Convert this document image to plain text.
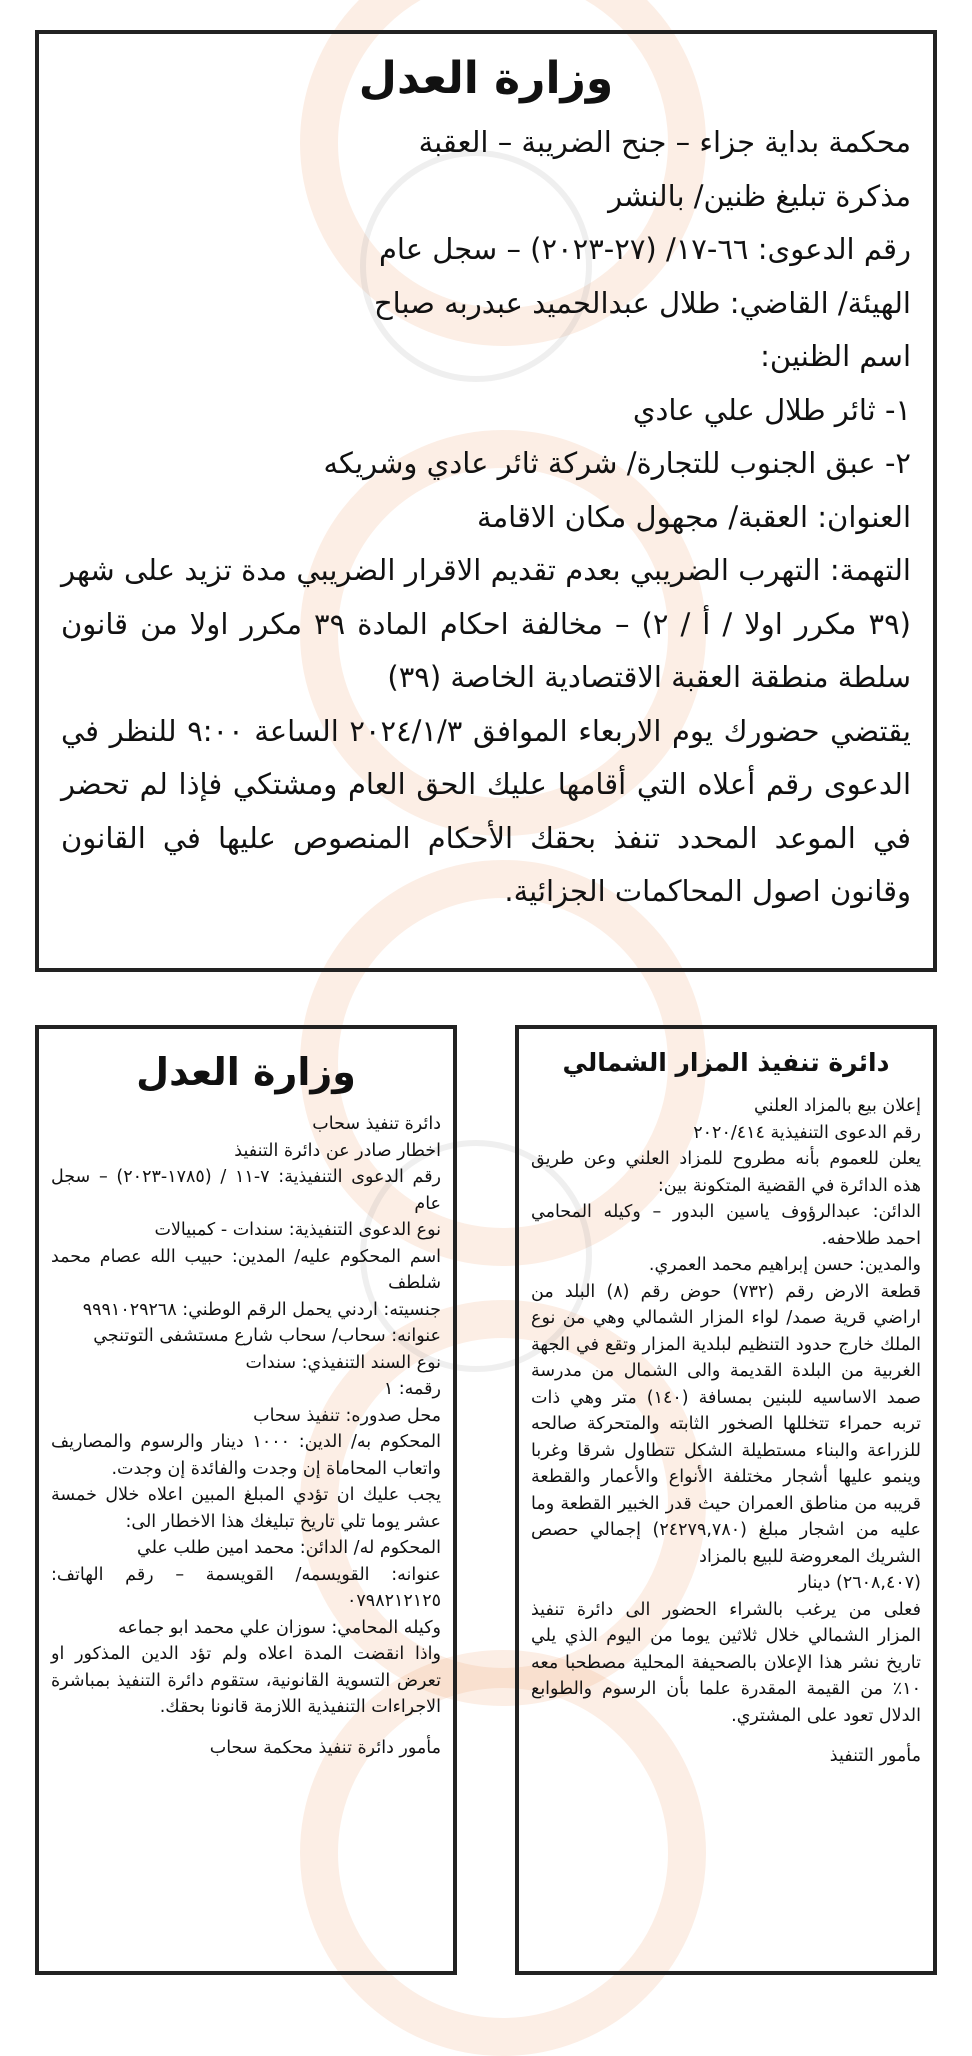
وزارة العدل

محكمة بداية جزاء – جنح الضريبة – العقبة

مذكرة تبليغ ظنين/ بالنشر

رقم الدعوى: ٦٦-١٧/ (٢٧-٢٠٢٣) – سجل عام

الهيئة/ القاضي: طلال عبدالحميد عبدربه صباح

اسم الظنين:

١- ثائر طلال علي عادي

٢- عبق الجنوب للتجارة/ شركة ثائر عادي وشريكه

العنوان: العقبة/ مجهول مكان الاقامة

التهمة: التهرب الضريبي بعدم تقديم الاقرار الضريبي مدة تزيد على شهر (٣٩ مكرر اولا / أ / ٢) – مخالفة احكام المادة ٣٩ مكرر اولا من قانون سلطة منطقة العقبة الاقتصادية الخاصة (٣٩)

يقتضي حضورك يوم الاربعاء الموافق ٢٠٢٤/١/٣ الساعة ٩:٠٠ للنظر في الدعوى رقم أعلاه التي أقامها عليك الحق العام ومشتكي فإذا لم تحضر في الموعد المحدد تنفذ بحقك الأحكام المنصوص عليها في القانون وقانون اصول المحاكمات الجزائية.

وزارة العدل

دائرة تنفيذ سحاب

اخطار صادر عن دائرة التنفيذ

رقم الدعوى التنفيذية: ٧-١١ / (١٧٨٥-٢٠٢٣) – سجل عام

نوع الدعوى التنفيذية: سندات - كمبيالات

اسم المحكوم عليه/ المدين: حبيب الله عصام محمد شلطف

جنسيته: اردني يحمل الرقم الوطني: ٩٩٩١٠٢٩٢٦٨

عنوانه: سحاب/ سحاب شارع مستشفى التوتنجي

نوع السند التنفيذي: سندات

رقمه: ١

محل صدوره: تنفيذ سحاب

المحكوم به/ الدين: ١٠٠٠ دينار والرسوم والمصاريف واتعاب المحاماة إن وجدت والفائدة إن وجدت.

يجب عليك ان تؤدي المبلغ المبين اعلاه خلال خمسة عشر يوما تلي تاريخ تبليغك هذا الاخطار الى:

المحكوم له/ الدائن: محمد امين طلب علي

عنوانه: القويسمه/ القويسمة – رقم الهاتف: ٠٧٩٨٢١٢١٢٥

وكيله المحامي: سوزان علي محمد ابو جماعه

واذا انقضت المدة اعلاه ولم تؤد الدين المذكور او تعرض التسوية القانونية، ستقوم دائرة التنفيذ بمباشرة الاجراءات التنفيذية اللازمة قانونا بحقك.

مأمور دائرة تنفيذ محكمة سحاب

دائرة تنفيذ المزار الشمالي

إعلان بيع بالمزاد العلني

رقم الدعوى التنفيذية ٢٠٢٠/٤١٤

يعلن للعموم بأنه مطروح للمزاد العلني وعن طريق هذه الدائرة في القضية المتكونة بين:

الدائن: عبدالرؤوف ياسين البدور – وكيله المحامي احمد طلاحفه.

والمدين: حسن إبراهيم محمد العمري.

قطعة الارض رقم (٧٣٢) حوض رقم (٨) البلد من اراضي قرية صمد/ لواء المزار الشمالي وهي من نوع الملك خارج حدود التنظيم لبلدية المزار وتقع في الجهة الغربية من البلدة القديمة والى الشمال من مدرسة صمد الاساسيه للبنين بمسافة (١٤٠) متر وهي ذات تربه حمراء تتخللها الصخور الثابته والمتحركة صالحه للزراعة والبناء مستطيلة الشكل تتطاول شرقا وغربا وينمو عليها أشجار مختلفة الأنواع والأعمار والقطعة قريبه من مناطق العمران حيث قدر الخبير القطعة وما عليه من اشجار مبلغ (٢٤٢٧٩,٧٨٠) إجمالي حصص الشريك المعروضة للبيع بالمزاد

(٢٦٠٨,٤٠٧) دينار

فعلى من يرغب بالشراء الحضور الى دائرة تنفيذ المزار الشمالي خلال ثلاثين يوما من اليوم الذي يلي تاريخ نشر هذا الإعلان بالصحيفة المحلية مصطحبا معه ١٠٪ من القيمة المقدرة علما بأن الرسوم والطوابع الدلال تعود على المشتري.

مأمور التنفيذ
